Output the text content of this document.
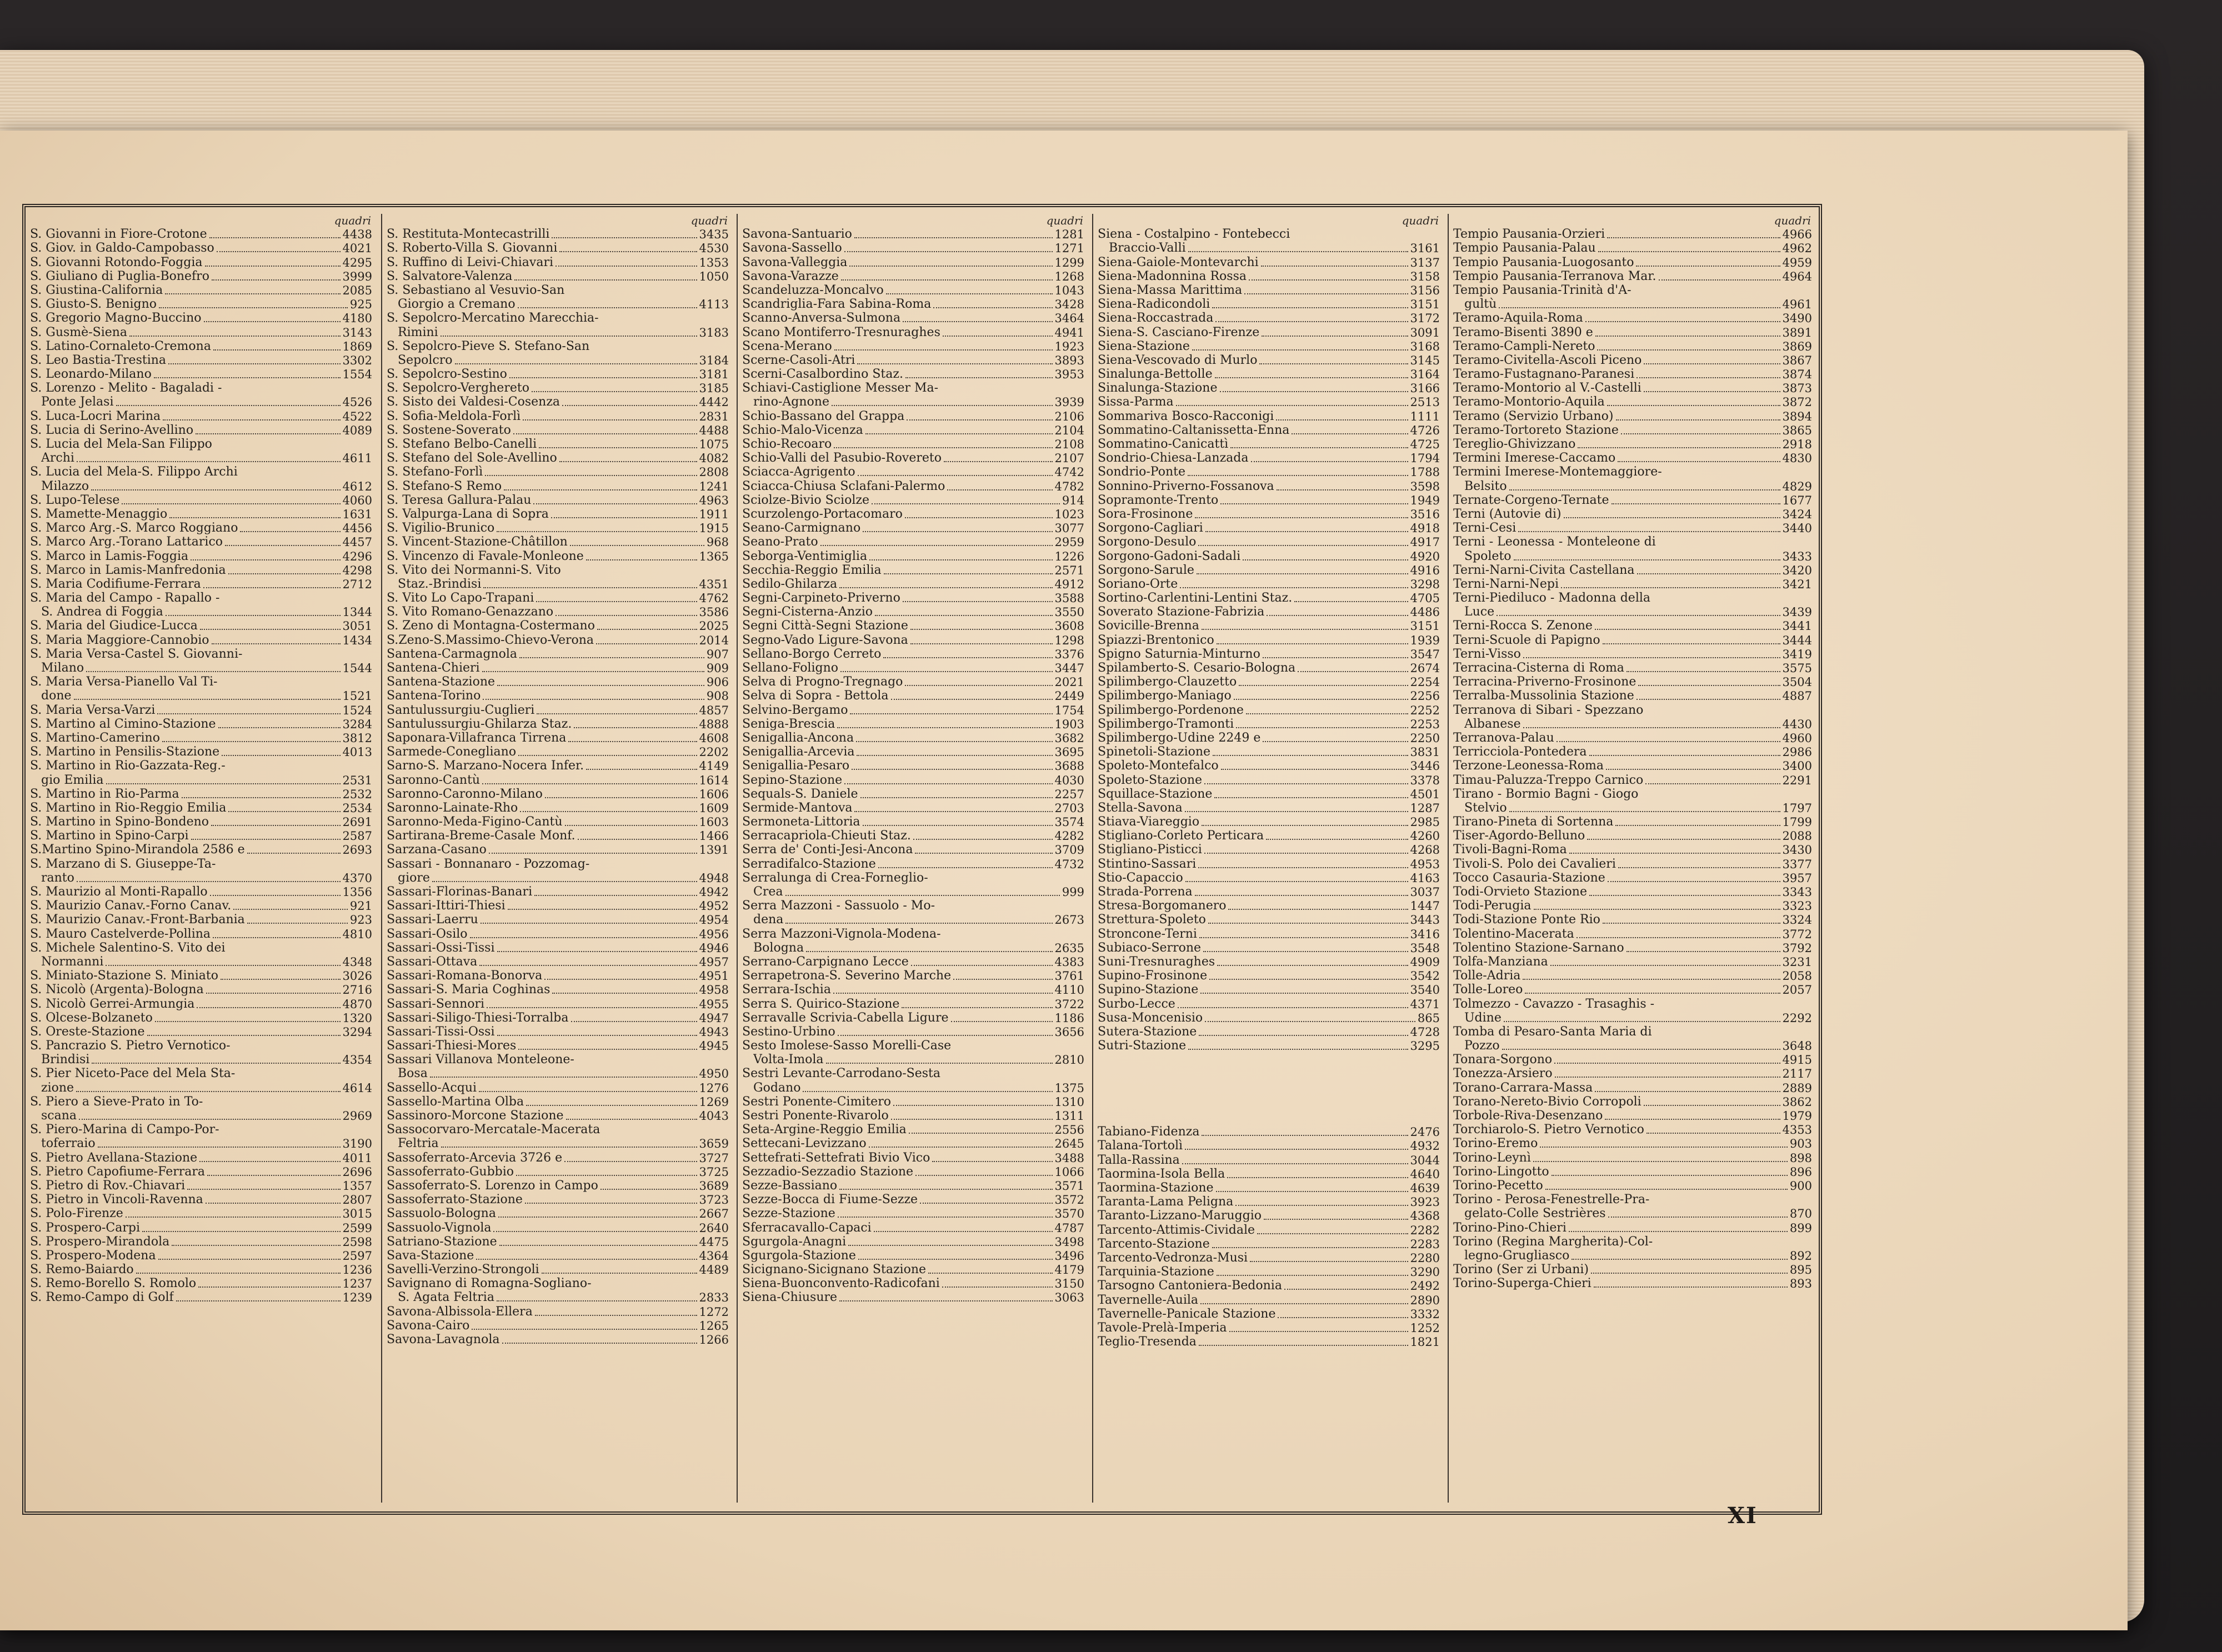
quadri
S. Giovanni in Fiore-Crotone	4438
S. Giov. in Galdo-Campobasso	4021
S. Giovanni Rotondo-Foggia	4295
S. Giuliano di Puglia-Bonefro	3999
S. Giustina-California	2085
S. Giusto-S. Benigno	925
S. Gregorio Magno-Buccino	4180
S. Gusmè-Siena	3143
S. Latino-Cornaleto-Cremona	1869
S. Leo Bastia-Trestina	3302
S. Leonardo-Milano	1554
S. Lorenzo - Melito - Bagaladi -
Ponte Jelasi	4526
S. Luca-Locri Marina	4522
S. Lucia di Serino-Avellino	4089
S. Lucia del Mela-San Filippo
Archi	4611
S. Lucia del Mela-S. Filippo Archi
Milazzo	4612
S. Lupo-Telese	4060
S. Mamette-Menaggio	1631
S. Marco Arg.-S. Marco Roggiano	4456
S. Marco Arg.-Torano Lattarico	4457
S. Marco in Lamis-Foggia	4296
S. Marco in Lamis-Manfredonia	4298
S. Maria Codifiume-Ferrara	2712
S. Maria del Campo - Rapallo -
S. Andrea di Foggia	1344
S. Maria del Giudice-Lucca	3051
S. Maria Maggiore-Cannobio	1434
S. Maria Versa-Castel S. Giovanni-
Milano	1544
S. Maria Versa-Pianello Val Ti-
done	1521
S. Maria Versa-Varzi	1524
S. Martino al Cimino-Stazione	3284
S. Martino-Camerino	3812
S. Martino in Pensilis-Stazione	4013
S. Martino in Rio-Gazzata-Reg.-
gio Emilia	2531
S. Martino in Rio-Parma	2532
S. Martino in Rio-Reggio Emilia	2534
S. Martino in Spino-Bondeno	2691
S. Martino in Spino-Carpi	2587
S.Martino Spino-Mirandola 2586 e	2693
S. Marzano di S. Giuseppe-Ta-
ranto	4370
S. Maurizio al Monti-Rapallo	1356
S. Maurizio Canav.-Forno Canav.	921
S. Maurizio Canav.-Front-Barbania	923
S. Mauro Castelverde-Pollina	4810
S. Michele Salentino-S. Vito dei
Normanni	4348
S. Miniato-Stazione S. Miniato	3026
S. Nicolò (Argenta)-Bologna	2716
S. Nicolò Gerrei-Armungia	4870
S. Olcese-Bolzaneto	1320
S. Oreste-Stazione	3294
S. Pancrazio S. Pietro Vernotico-
Brindisi	4354
S. Pier Niceto-Pace del Mela Sta-
zione	4614
S. Piero a Sieve-Prato in To-
scana	2969
S. Piero-Marina di Campo-Por-
toferraio	3190
S. Pietro Avellana-Stazione	4011
S. Pietro Capofiume-Ferrara	2696
S. Pietro di Rov.-Chiavari	1357
S. Pietro in Vincoli-Ravenna	2807
S. Polo-Firenze	3015
S. Prospero-Carpi	2599
S. Prospero-Mirandola	2598
S. Prospero-Modena	2597
S. Remo-Baiardo	1236
S. Remo-Borello S. Romolo	1237
S. Remo-Campo di Golf	1239
quadri
S. Restituta-Montecastrilli	3435
S. Roberto-Villa S. Giovanni	4530
S. Ruffino di Leivi-Chiavari	1353
S. Salvatore-Valenza	1050
S. Sebastiano al Vesuvio-San
Giorgio a Cremano	4113
S. Sepolcro-Mercatino Marecchia-
Rimini	3183
S. Sepolcro-Pieve S. Stefano-San
Sepolcro	3184
S. Sepolcro-Sestino	3181
S. Sepolcro-Verghereto	3185
S. Sisto dei Valdesi-Cosenza	4442
S. Sofia-Meldola-Forlì	2831
S. Sostene-Soverato	4488
S. Stefano Belbo-Canelli	1075
S. Stefano del Sole-Avellino	4082
S. Stefano-Forlì	2808
S. Stefano-S Remo	1241
S. Teresa Gallura-Palau	4963
S. Valpurga-Lana di Sopra	1911
S. Vigilio-Brunico	1915
S. Vincent-Stazione-Châtillon	968
S. Vincenzo di Favale-Monleone	1365
S. Vito dei Normanni-S. Vito
Staz.-Brindisi	4351
S. Vito Lo Capo-Trapani	4762
S. Vito Romano-Genazzano	3586
S. Zeno di Montagna-Costermano	2025
S.Zeno-S.Massimo-Chievo-Verona	2014
Santena-Carmagnola	907
Santena-Chieri	909
Santena-Stazione	906
Santena-Torino	908
Santulussurgiu-Cuglieri	4857
Santulussurgiu-Ghilarza Staz.	4888
Saponara-Villafranca Tirrena	4608
Sarmede-Conegliano	2202
Sarno-S. Marzano-Nocera Infer.	4149
Saronno-Cantù	1614
Saronno-Caronno-Milano	1606
Saronno-Lainate-Rho	1609
Saronno-Meda-Figino-Cantù	1603
Sartirana-Breme-Casale Monf.	1466
Sarzana-Casano	1391
Sassari - Bonnanaro - Pozzomag-
giore	4948
Sassari-Florinas-Banari	4942
Sassari-Ittiri-Thiesi	4952
Sassari-Laerru	4954
Sassari-Osilo	4956
Sassari-Ossi-Tissi	4946
Sassari-Ottava	4957
Sassari-Romana-Bonorva	4951
Sassari-S. Maria Coghinas	4958
Sassari-Sennori	4955
Sassari-Siligo-Thiesi-Torralba	4947
Sassari-Tissi-Ossi	4943
Sassari-Thiesi-Mores	4945
Sassari Villanova Monteleone-
Bosa	4950
Sassello-Acqui	1276
Sassello-Martina Olba	1269
Sassinoro-Morcone Stazione	4043
Sassocorvaro-Mercatale-Macerata
Feltria	3659
Sassoferrato-Arcevia 3726 e	3727
Sassoferrato-Gubbio	3725
Sassoferrato-S. Lorenzo in Campo	3689
Sassoferrato-Stazione	3723
Sassuolo-Bologna	2667
Sassuolo-Vignola	2640
Satriano-Stazione	4475
Sava-Stazione	4364
Savelli-Verzino-Strongoli	4489
Savignano di Romagna-Sogliano-
S. Agata Feltria	2833
Savona-Albissola-Ellera	1272
Savona-Cairo	1265
Savona-Lavagnola	1266
quadri
Savona-Santuario	1281
Savona-Sassello	1271
Savona-Valleggia	1299
Savona-Varazze	1268
Scandeluzza-Moncalvo	1043
Scandriglia-Fara Sabina-Roma	3428
Scanno-Anversa-Sulmona	3464
Scano Montiferro-Tresnuraghes	4941
Scena-Merano	1923
Scerne-Casoli-Atri	3893
Scerni-Casalbordino Staz.	3953
Schiavi-Castiglione Messer Ma-
rino-Agnone	3939
Schio-Bassano del Grappa	2106
Schio-Malo-Vicenza	2104
Schio-Recoaro	2108
Schio-Valli del Pasubio-Rovereto	2107
Sciacca-Agrigento	4742
Sciacca-Chiusa Sclafani-Palermo	4782
Sciolze-Bivio Sciolze	914
Scurzolengo-Portacomaro	1023
Seano-Carmignano	3077
Seano-Prato	2959
Seborga-Ventimiglia	1226
Secchia-Reggio Emilia	2571
Sedilo-Ghilarza	4912
Segni-Carpineto-Priverno	3588
Segni-Cisterna-Anzio	3550
Segni Città-Segni Stazione	3608
Segno-Vado Ligure-Savona	1298
Sellano-Borgo Cerreto	3376
Sellano-Foligno	3447
Selva di Progno-Tregnago	2021
Selva di Sopra - Bettola	2449
Selvino-Bergamo	1754
Seniga-Brescia	1903
Senigallia-Ancona	3682
Senigallia-Arcevia	3695
Senigallia-Pesaro	3688
Sepino-Stazione	4030
Sequals-S. Daniele	2257
Sermide-Mantova	2703
Sermoneta-Littoria	3574
Serracapriola-Chieuti Staz.	4282
Serra de' Conti-Jesi-Ancona	3709
Serradifalco-Stazione	4732
Serralunga di Crea-Forneglio-
Crea	999
Serra Mazzoni - Sassuolo - Mo-
dena	2673
Serra Mazzoni-Vignola-Modena-
Bologna	2635
Serrano-Carpignano Lecce	4383
Serrapetrona-S. Severino Marche	3761
Serrara-Ischia	4110
Serra S. Quirico-Stazione	3722
Serravalle Scrivia-Cabella Ligure	1186
Sestino-Urbino	3656
Sesto Imolese-Sasso Morelli-Case
Volta-Imola	2810
Sestri Levante-Carrodano-Sesta
Godano	1375
Sestri Ponente-Cimitero	1310
Sestri Ponente-Rivarolo	1311
Seta-Argine-Reggio Emilia	2556
Settecani-Levizzano	2645
Settefrati-Settefrati Bivio Vico	3488
Sezzadio-Sezzadio Stazione	1066
Sezze-Bassiano	3571
Sezze-Bocca di Fiume-Sezze	3572
Sezze-Stazione	3570
Sferracavallo-Capaci	4787
Sgurgola-Anagni	3498
Sgurgola-Stazione	3496
Sicignano-Sicignano Stazione	4179
Siena-Buonconvento-Radicofani	3150
Siena-Chiusure	3063
quadri
Siena - Costalpino - Fontebecci
Braccio-Valli	3161
Siena-Gaiole-Montevarchi	3137
Siena-Madonnina Rossa	3158
Siena-Massa Marittima	3156
Siena-Radicondoli	3151
Siena-Roccastrada	3172
Siena-S. Casciano-Firenze	3091
Siena-Stazione	3168
Siena-Vescovado di Murlo	3145
Sinalunga-Bettolle	3164
Sinalunga-Stazione	3166
Sissa-Parma	2513
Sommariva Bosco-Racconigi	1111
Sommatino-Caltanissetta-Enna	4726
Sommatino-Canicattì	4725
Sondrio-Chiesa-Lanzada	1794
Sondrio-Ponte	1788
Sonnino-Priverno-Fossanova	3598
Sopramonte-Trento	1949
Sora-Frosinone	3516
Sorgono-Cagliari	4918
Sorgono-Desulo	4917
Sorgono-Gadoni-Sadali	4920
Sorgono-Sarule	4916
Soriano-Orte	3298
Sortino-Carlentini-Lentini Staz.	4705
Soverato Stazione-Fabrizia	4486
Sovicille-Brenna	3151
Spiazzi-Brentonico	1939
Spigno Saturnia-Minturno	3547
Spilamberto-S. Cesario-Bologna	2674
Spilimbergo-Clauzetto	2254
Spilimbergo-Maniago	2256
Spilimbergo-Pordenone	2252
Spilimbergo-Tramonti	2253
Spilimbergo-Udine 2249 e	2250
Spinetoli-Stazione	3831
Spoleto-Montefalco	3446
Spoleto-Stazione	3378
Squillace-Stazione	4501
Stella-Savona	1287
Stiava-Viareggio	2985
Stigliano-Corleto Perticara	4260
Stigliano-Pisticci	4268
Stintino-Sassari	4953
Stio-Capaccio	4163
Strada-Porrena	3037
Stresa-Borgomanero	1447
Strettura-Spoleto	3443
Stroncone-Terni	3416
Subiaco-Serrone	3548
Suni-Tresnuraghes	4909
Supino-Frosinone	3542
Supino-Stazione	3540
Surbo-Lecce	4371
Susa-Moncenisio	865
Sutera-Stazione	4728
Sutri-Stazione	3295
Tabiano-Fidenza	2476
Talana-Tortolì	4932
Talla-Rassina	3044
Taormina-Isola Bella	4640
Taormina-Stazione	4639
Taranta-Lama Peligna	3923
Taranto-Lizzano-Maruggio	4368
Tarcento-Attimis-Cividale	2282
Tarcento-Stazione	2283
Tarcento-Vedronza-Musi	2280
Tarquinia-Stazione	3290
Tarsogno Cantoniera-Bedonia	2492
Tavernelle-Auila	2890
Tavernelle-Panicale Stazione	3332
Tavole-Prelà-Imperia	1252
Teglio-Tresenda	1821
quadri
Tempio Pausania-Orzieri	4966
Tempio Pausania-Palau	4962
Tempio Pausania-Luogosanto	4959
Tempio Pausania-Terranova Mar.	4964
Tempio Pausania-Trinità d'A-
gultù	4961
Teramo-Aquila-Roma	3490
Teramo-Bisenti 3890 e	3891
Teramo-Campli-Nereto	3869
Teramo-Civitella-Ascoli Piceno	3867
Teramo-Fustagnano-Paranesi	3874
Teramo-Montorio al V.-Castelli	3873
Teramo-Montorio-Aquila	3872
Teramo (Servizio Urbano)	3894
Teramo-Tortoreto Stazione	3865
Tereglio-Ghivizzano	2918
Termini Imerese-Caccamo	4830
Termini Imerese-Montemaggiore-
Belsito	4829
Ternate-Corgeno-Ternate	1677
Terni (Autovie di)	3424
Terni-Cesi	3440
Terni - Leonessa - Monteleone di
Spoleto	3433
Terni-Narni-Civita Castellana	3420
Terni-Narni-Nepi	3421
Terni-Piediluco - Madonna della
Luce	3439
Terni-Rocca S. Zenone	3441
Terni-Scuole di Papigno	3444
Terni-Visso	3419
Terracina-Cisterna di Roma	3575
Terracina-Priverno-Frosinone	3504
Terralba-Mussolinia Stazione	4887
Terranova di Sibari - Spezzano
Albanese	4430
Terranova-Palau	4960
Terricciola-Pontedera	2986
Terzone-Leonessa-Roma	3400
Timau-Paluzza-Treppo Carnico	2291
Tirano - Bormio Bagni - Giogo
Stelvio	1797
Tirano-Pineta di Sortenna	1799
Tiser-Agordo-Belluno	2088
Tivoli-Bagni-Roma	3430
Tivoli-S. Polo dei Cavalieri	3377
Tocco Casauria-Stazione	3957
Todi-Orvieto Stazione	3343
Todi-Perugia	3323
Todi-Stazione Ponte Rio	3324
Tolentino-Macerata	3772
Tolentino Stazione-Sarnano	3792
Tolfa-Manziana	3231
Tolle-Adria	2058
Tolle-Loreo	2057
Tolmezzo - Cavazzo - Trasaghis -
Udine	2292
Tomba di Pesaro-Santa Maria di
Pozzo	3648
Tonara-Sorgono	4915
Tonezza-Arsiero	2117
Torano-Carrara-Massa	2889
Torano-Nereto-Bivio Corropoli	3862
Torbole-Riva-Desenzano	1979
Torchiarolo-S. Pietro Vernotico	4353
Torino-Eremo	903
Torino-Leynì	898
Torino-Lingotto	896
Torino-Pecetto	900
Torino - Perosa-Fenestrelle-Pra-
gelato-Colle Sestrières	870
Torino-Pino-Chieri	899
Torino (Regina Margherita)-Col-
legno-Grugliasco	892
Torino (Ser zi Urbani)	895
Torino-Superga-Chieri	893
XI
